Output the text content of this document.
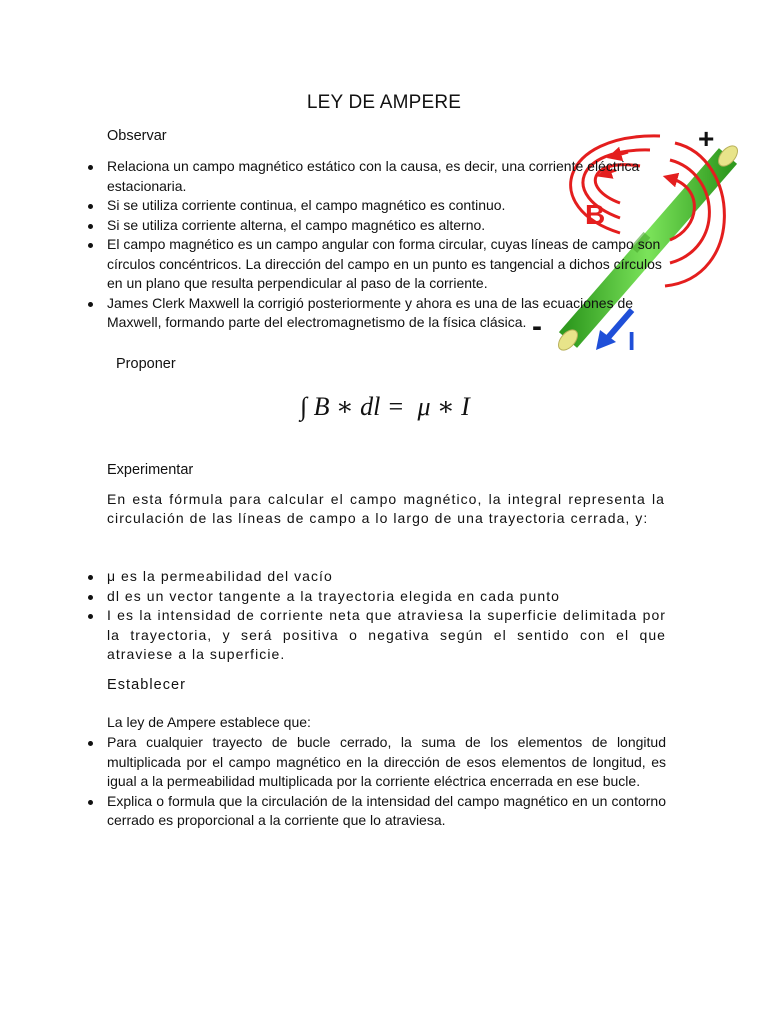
LEY DE AMPERE
+
-
B
I

Observar

Relaciona un campo magnético estático con la causa, es decir, una corriente eléctrica estacionaria.
Si se utiliza corriente continua, el campo magnético es continuo.
Si se utiliza corriente alterna, el campo magnético es alterno.
El campo magnético es un campo angular con forma circular, cuyas líneas de campo son círculos concéntricos. La dirección del campo en un punto es tangencial a dichos círculos en un plano que resulta perpendicular al paso de la corriente.
James Clerk Maxwell la corrigió posteriormente y ahora es una de las ecuaciones de Maxwell, formando parte del electromagnetismo de la física clásica.

Proponer

∫ B ∗ dl =  μ ∗ I

Experimentar

En esta fórmula para calcular el campo magnético, la integral representa la circulación de las líneas de campo a lo largo de una trayectoria cerrada, y:

μ es la permeabilidad del vacío
dl es un vector tangente a la trayectoria elegida en cada punto
I es la intensidad de corriente neta que atraviesa la superficie delimitada por la trayectoria, y será positiva o negativa según el sentido con el que atraviese a la superficie.

Establecer

La ley de Ampere establece que:

Para cualquier trayecto de bucle cerrado, la suma de los elementos de longitud multiplicada por el campo magnético en la dirección de esos elementos de longitud, es igual a la permeabilidad multiplicada por la corriente eléctrica encerrada en ese bucle.
Explica o formula que la circulación de la intensidad del campo magnético en un contorno cerrado es proporcional a la corriente que lo atraviesa.
